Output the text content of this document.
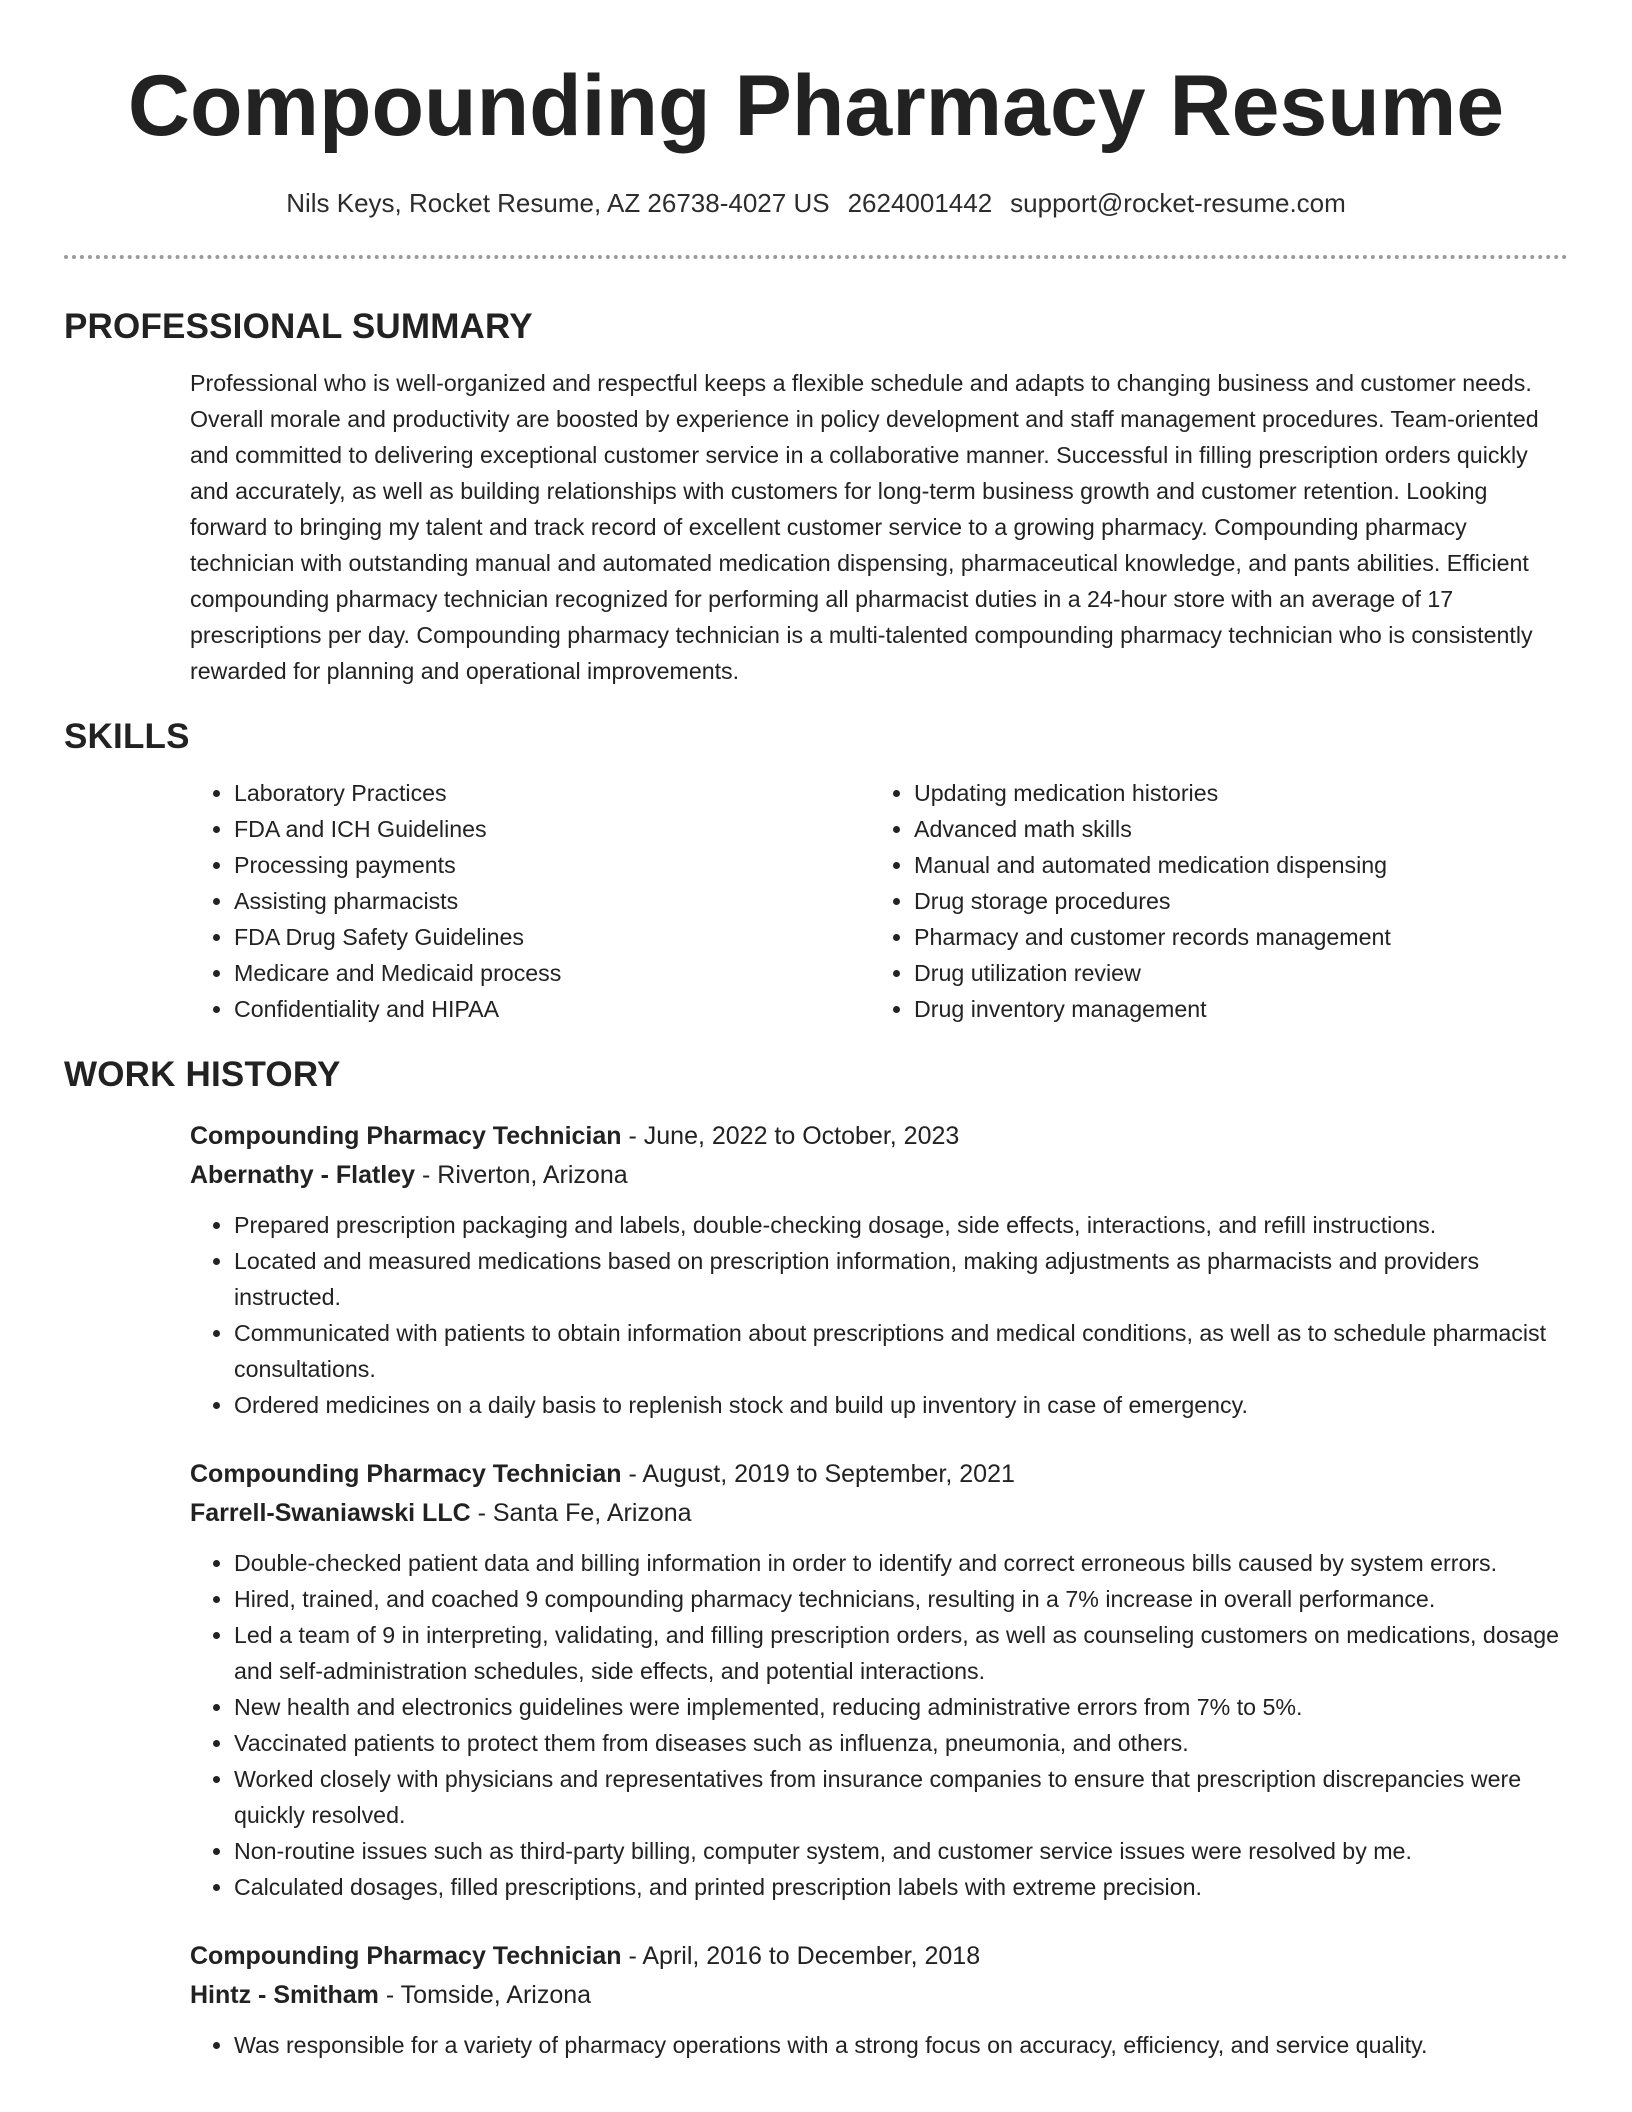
Compounding Pharmacy Resume
Nils Keys, Rocket Resume, AZ 26738-4027 US 2624001442 support@rocket-resume.com
PROFESSIONAL SUMMARY

Professional who is well-organized and respectful keeps a flexible schedule and adapts to changing business and customer needs. Overall morale and productivity are boosted by experience in policy development and staff management procedures. Team-oriented and committed to delivering exceptional customer service in a collaborative manner. Successful in filling prescription orders quickly and accurately, as well as building relationships with customers for long-term business growth and customer retention. Looking forward to bringing my talent and track record of excellent customer service to a growing pharmacy. Compounding pharmacy technician with outstanding manual and automated medication dispensing, pharmaceutical knowledge, and pants abilities. Efficient compounding pharmacy technician recognized for performing all pharmacist duties in a 24-hour store with an average of 17 prescriptions per day. Compounding pharmacy technician is a multi-talented compounding pharmacy technician who is consistently rewarded for planning and operational improvements.

SKILLS
• Laboratory Practices
• FDA and ICH Guidelines
• Processing payments
• Assisting pharmacists
• FDA Drug Safety Guidelines
• Medicare and Medicaid process
• Confidentiality and HIPAA
• Updating medication histories
• Advanced math skills
• Manual and automated medication dispensing
• Drug storage procedures
• Pharmacy and customer records management
• Drug utilization review
• Drug inventory management
WORK HISTORY
Compounding Pharmacy Technician - June, 2022 to October, 2023
Abernathy - Flatley - Riverton, Arizona
• Prepared prescription packaging and labels, double-checking dosage, side effects, interactions, and refill instructions.
• Located and measured medications based on prescription information, making adjustments as pharmacists and providers instructed.
• Communicated with patients to obtain information about prescriptions and medical conditions, as well as to schedule pharmacist consultations.
• Ordered medicines on a daily basis to replenish stock and build up inventory in case of emergency.
Compounding Pharmacy Technician - August, 2019 to September, 2021
Farrell-Swaniawski LLC - Santa Fe, Arizona
• Double-checked patient data and billing information in order to identify and correct erroneous bills caused by system errors.
• Hired, trained, and coached 9 compounding pharmacy technicians, resulting in a 7% increase in overall performance.
• Led a team of 9 in interpreting, validating, and filling prescription orders, as well as counseling customers on medications, dosage and self-administration schedules, side effects, and potential interactions.
• New health and electronics guidelines were implemented, reducing administrative errors from 7% to 5%.
• Vaccinated patients to protect them from diseases such as influenza, pneumonia, and others.
• Worked closely with physicians and representatives from insurance companies to ensure that prescription discrepancies were quickly resolved.
• Non-routine issues such as third-party billing, computer system, and customer service issues were resolved by me.
• Calculated dosages, filled prescriptions, and printed prescription labels with extreme precision.
Compounding Pharmacy Technician - April, 2016 to December, 2018
Hintz - Smitham - Tomside, Arizona
• Was responsible for a variety of pharmacy operations with a strong focus on accuracy, efficiency, and service quality.
